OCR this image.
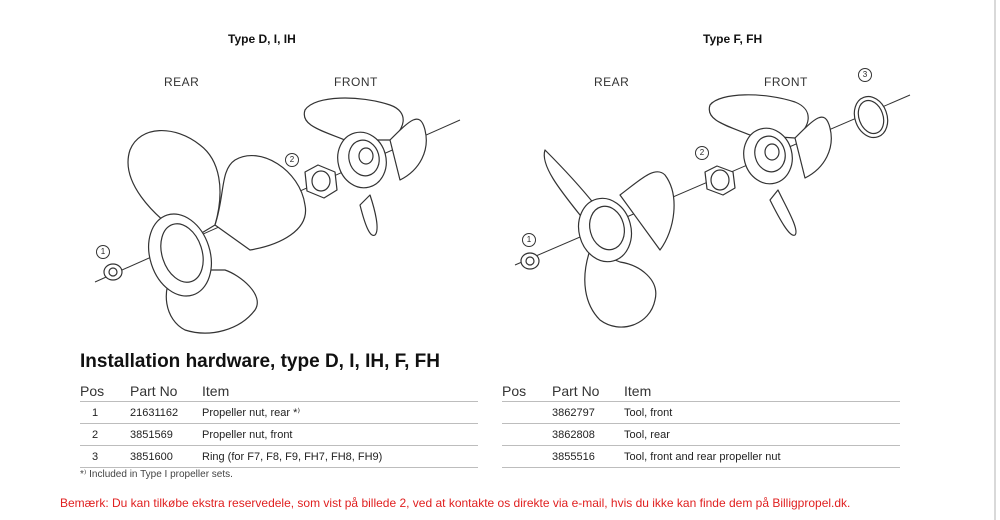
Type D, I, IH	Type F, FH
REAR	FRONT	REAR	FRONT
1
2
1
2
3
Installation hardware, type D, I, IH, F, FH
Pos	Part No	Item
1	21631162	Propeller nut, rear *⁾
2	3851569	Propeller nut, front
3	3851600	Ring (for F7, F8, F9, FH7, FH8, FH9)
Pos	Part No	Item
	3862797	Tool, front
	3862808	Tool, rear
	3855516	Tool, front and rear propeller nut
*⁾ Included in Type I propeller sets.
Bemærk: Du kan tilkøbe ekstra reservedele, som vist på billede 2, ved at kontakte os direkte via e-mail, hvis du ikke kan finde dem på Billigpropel.dk.
